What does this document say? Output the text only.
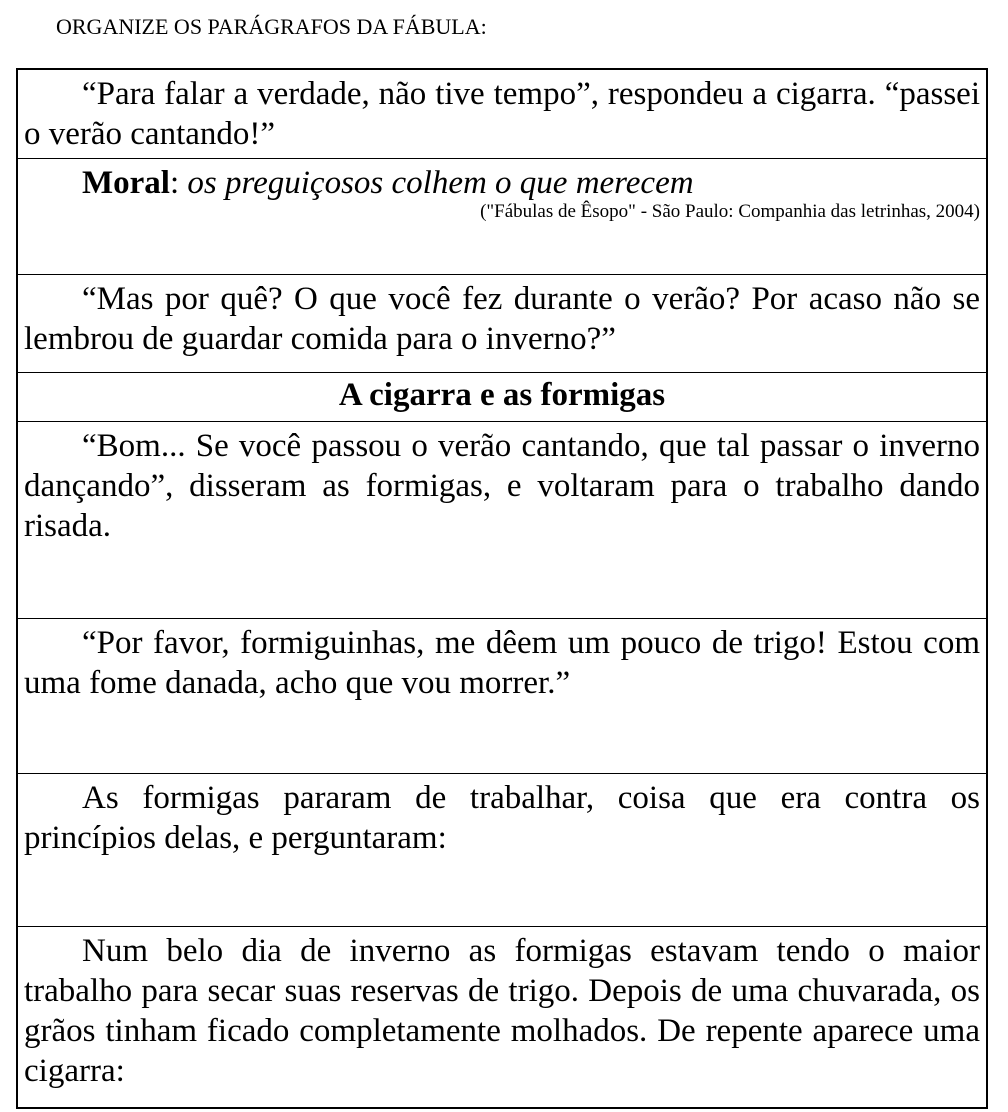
ORGANIZE OS PARÁGRAFOS DA FÁBULA:
“Para falar a verdade, não tive tempo”, respondeu a cigarra. “passei o verão cantando!”
Moral: os preguiçosos colhem o que merecem
("Fábulas de Êsopo" - São Paulo: Companhia das letrinhas, 2004)
“Mas por quê? O que você fez durante o verão? Por acaso não se lembrou de guardar comida para o inverno?”
A cigarra e as formigas
“Bom... Se você passou o verão cantando, que tal passar o inverno dançando”, disseram as formigas, e voltaram para o trabalho dando risada.
“Por favor, formiguinhas, me dêem um pouco de trigo! Estou com uma fome danada, acho que vou morrer.”
As formigas pararam de trabalhar, coisa que era contra os princípios delas, e perguntaram:
Num belo dia de inverno as formigas estavam tendo o maior trabalho para secar suas reservas de trigo. Depois de uma chuvarada, os grãos tinham ficado completamente molhados. De repente aparece uma cigarra:
